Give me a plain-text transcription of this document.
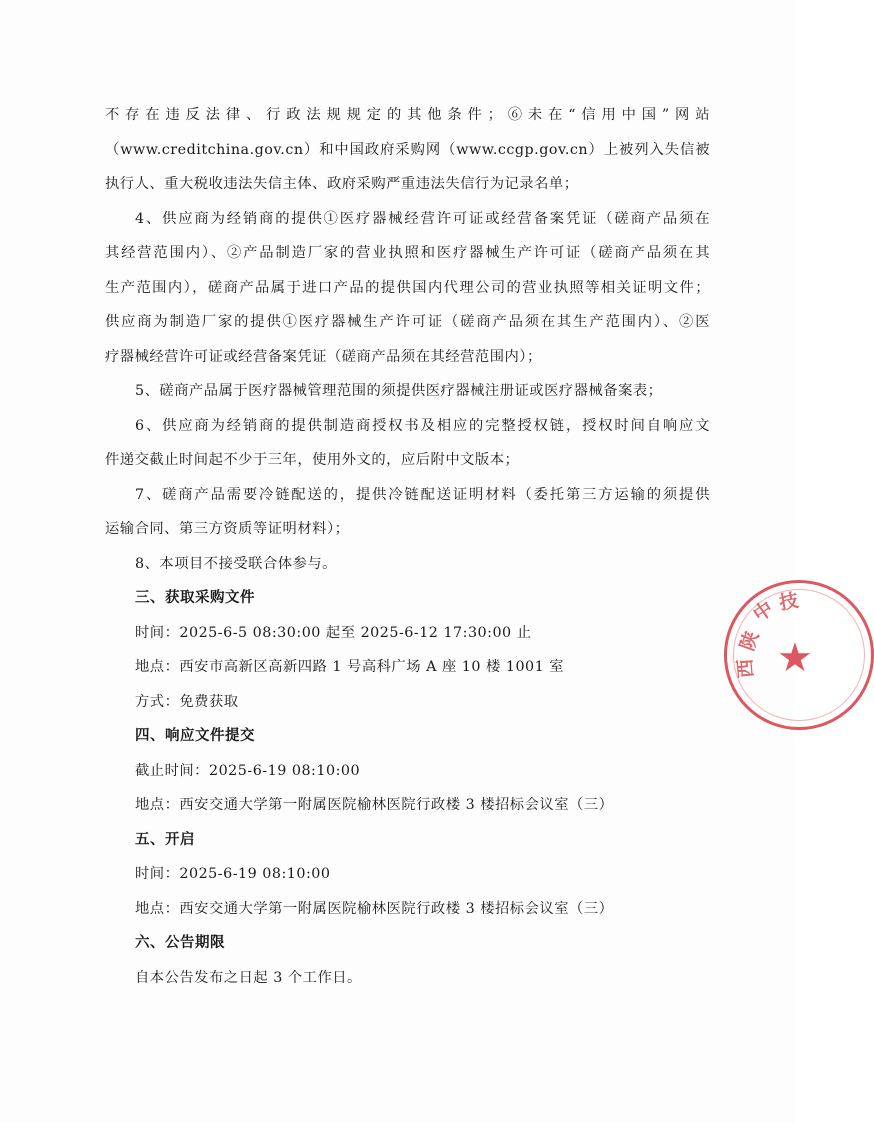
不存在违反法律、行政法规规定的其他条件；⑥未在“信用中国”网站
（www.creditchina.gov.cn）和中国政府采购网（www.ccgp.gov.cn）上被列入失信被
执行人、重大税收违法失信主体、政府采购严重违法失信行为记录名单；
4、供应商为经销商的提供①医疗器械经营许可证或经营备案凭证（磋商产品须在
其经营范围内）、②产品制造厂家的营业执照和医疗器械生产许可证（磋商产品须在其
生产范围内），磋商产品属于进口产品的提供国内代理公司的营业执照等相关证明文件；
供应商为制造厂家的提供①医疗器械生产许可证（磋商产品须在其生产范围内）、②医
疗器械经营许可证或经营备案凭证（磋商产品须在其经营范围内）；
5、磋商产品属于医疗器械管理范围的须提供医疗器械注册证或医疗器械备案表；
6、供应商为经销商的提供制造商授权书及相应的完整授权链，授权时间自响应文
件递交截止时间起不少于三年，使用外文的，应后附中文版本；
7、磋商产品需要冷链配送的，提供冷链配送证明材料（委托第三方运输的须提供
运输合同、第三方资质等证明材料）；
8、本项目不接受联合体参与。
三、获取采购文件
时间：2025-6-5 08:30:00 起至 2025-6-12 17:30:00 止
地点：西安市高新区高新四路 1 号高科广场 A 座 10 楼 1001 室
方式：免费获取
四、响应文件提交
截止时间：2025-6-19 08:10:00
地点：西安交通大学第一附属医院榆林医院行政楼 3 楼招标会议室（三）
五、开启
时间：2025-6-19 08:10:00
地点：西安交通大学第一附属医院榆林医院行政楼 3 楼招标会议室（三）
六、公告期限
自本公告发布之日起 3 个工作日。
陕
西
中 技
★
